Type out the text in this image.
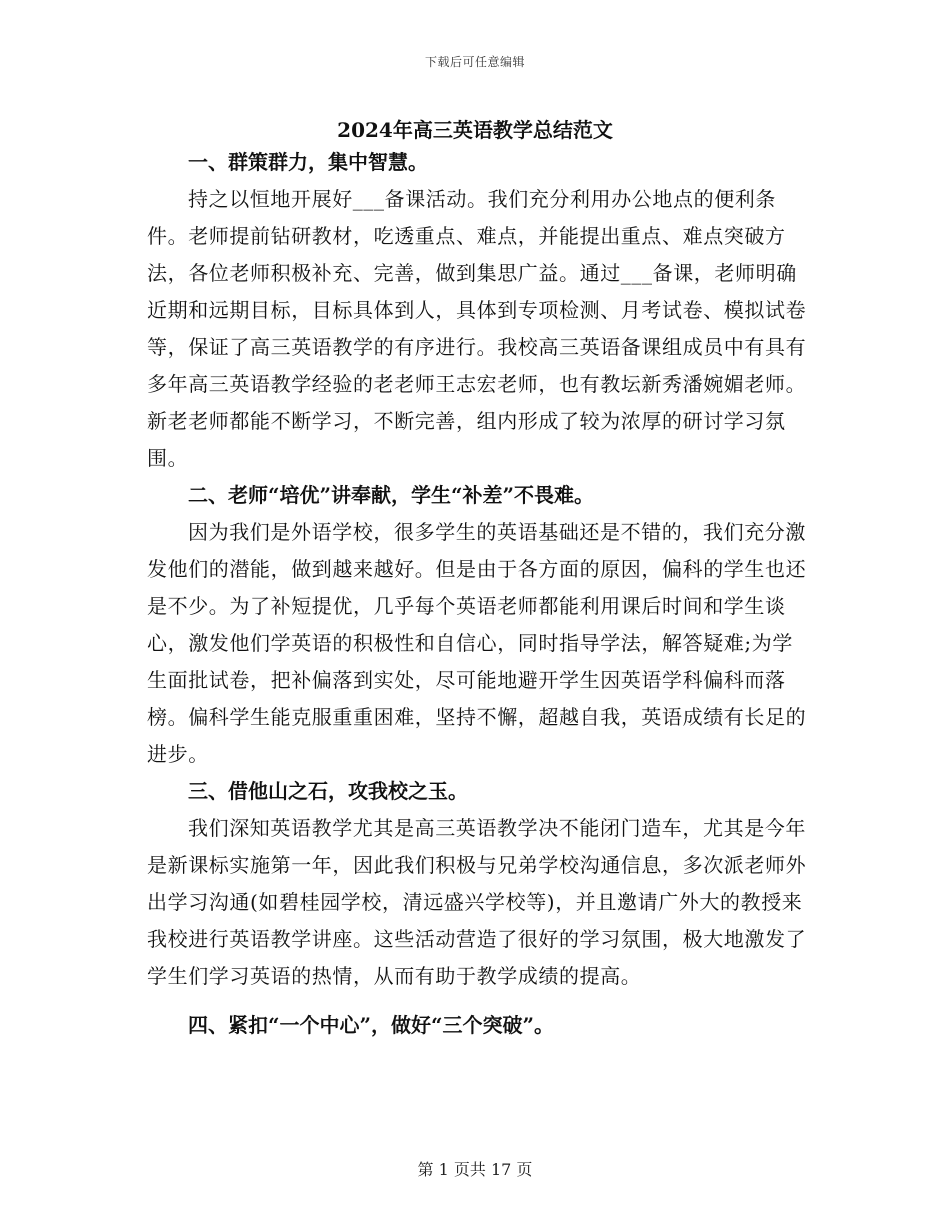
下载后可任意编辑
2024年高三英语教学总结范文
一、群策群力，集中智慧。

持之以恒地开展好___备课活动。我们充分利用办公地点的便利条件。老师提前钻研教材，吃透重点、难点，并能提出重点、难点突破方法，各位老师积极补充、完善，做到集思广益。通过___备课，老师明确近期和远期目标，目标具体到人，具体到专项检测、月考试卷、模拟试卷等，保证了高三英语教学的有序进行。我校高三英语备课组成员中有具有多年高三英语教学经验的老老师王志宏老师，也有教坛新秀潘婉媚老师。新老老师都能不断学习，不断完善，组内形成了较为浓厚的研讨学习氛围。

二、老师“培优”讲奉献，学生“补差”不畏难。

因为我们是外语学校，很多学生的英语基础还是不错的，我们充分激发他们的潜能，做到越来越好。但是由于各方面的原因，偏科的学生也还是不少。为了补短提优，几乎每个英语老师都能利用课后时间和学生谈心，激发他们学英语的积极性和自信心，同时指导学法，解答疑难;为学生面批试卷，把补偏落到实处，尽可能地避开学生因英语学科偏科而落榜。偏科学生能克服重重困难，坚持不懈，超越自我，英语成绩有长足的进步。

三、借他山之石，攻我校之玉。

我们深知英语教学尤其是高三英语教学决不能闭门造车，尤其是今年是新课标实施第一年，因此我们积极与兄弟学校沟通信息，多次派老师外出学习沟通(如碧桂园学校，清远盛兴学校等)，并且邀请广外大的教授来我校进行英语教学讲座。这些活动营造了很好的学习氛围，极大地激发了学生们学习英语的热情，从而有助于教学成绩的提高。

四、紧扣“一个中心”，做好“三个突破”。
第 1 页共 17 页
